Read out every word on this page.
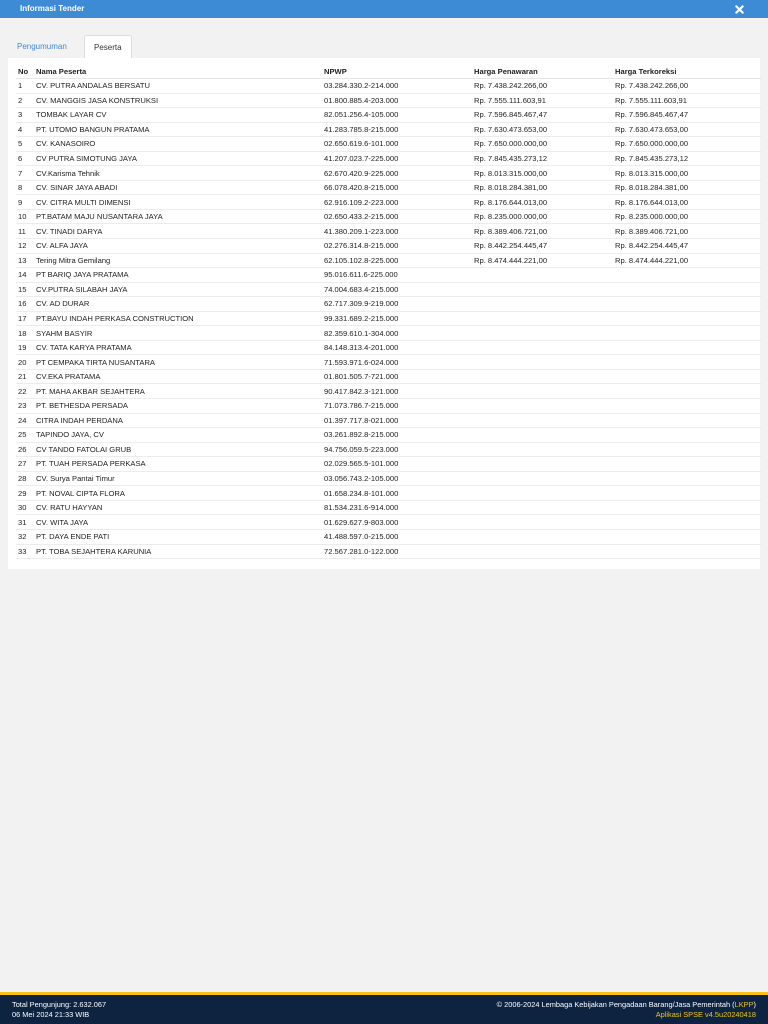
Informasi Tender
Pengumuman	Peserta
No	Nama Peserta	NPWP	Harga Penawaran	Harga Terkoreksi
1	CV. PUTRA ANDALAS BERSATU	03.284.330.2-214.000	Rp. 7.438.242.266,00	Rp. 7.438.242.266,00
2	CV. MANGGIS JASA KONSTRUKSI	01.800.885.4-203.000	Rp. 7.555.111.603,91	Rp. 7.555.111.603,91
3	TOMBAK LAYAR CV	82.051.256.4-105.000	Rp. 7.596.845.467,47	Rp. 7.596.845.467,47
4	PT. UTOMO BANGUN PRATAMA	41.283.785.8-215.000	Rp. 7.630.473.653,00	Rp. 7.630.473.653,00
5	CV. KANASOIRO	02.650.619.6-101.000	Rp. 7.650.000.000,00	Rp. 7.650.000.000,00
6	CV PUTRA SIMOTUNG JAYA	41.207.023.7-225.000	Rp. 7.845.435.273,12	Rp. 7.845.435.273,12
7	CV.Karisma Tehnik	62.670.420.9-225.000	Rp. 8.013.315.000,00	Rp. 8.013.315.000,00
8	CV. SINAR JAYA ABADI	66.078.420.8-215.000	Rp. 8.018.284.381,00	Rp. 8.018.284.381,00
9	CV. CITRA MULTI DIMENSI	62.916.109.2-223.000	Rp. 8.176.644.013,00	Rp. 8.176.644.013,00
10	PT.BATAM MAJU NUSANTARA JAYA	02.650.433.2-215.000	Rp. 8.235.000.000,00	Rp. 8.235.000.000,00
11	CV. TINADI DARYA	41.380.209.1-223.000	Rp. 8.389.406.721,00	Rp. 8.389.406.721,00
12	CV. ALFA JAYA	02.276.314.8-215.000	Rp. 8.442.254.445,47	Rp. 8.442.254.445,47
13	Tering Mitra Gemilang	62.105.102.8-225.000	Rp. 8.474.444.221,00	Rp. 8.474.444.221,00
14	PT BARIQ JAYA PRATAMA	95.016.611.6-225.000		
15	CV.PUTRA SILABAH JAYA	74.004.683.4-215.000		
16	CV. AD DURAR	62.717.309.9-219.000		
17	PT.BAYU INDAH PERKASA CONSTRUCTION	99.331.689.2-215.000		
18	SYAHM BASYIR	82.359.610.1-304.000		
19	CV. TATA KARYA PRATAMA	84.148.313.4-201.000		
20	PT CEMPAKA TIRTA NUSANTARA	71.593.971.6-024.000		
21	CV.EKA PRATAMA	01.801.505.7-721.000		
22	PT. MAHA AKBAR SEJAHTERA	90.417.842.3-121.000		
23	PT. BETHESDA PERSADA	71.073.786.7-215.000		
24	CITRA INDAH PERDANA	01.397.717.8-021.000		
25	TAPINDO JAYA, CV	03.261.892.8-215.000		
26	CV TANDO FATOLAI GRUB	94.756.059.5-223.000		
27	PT. TUAH PERSADA PERKASA	02.029.565.5-101.000		
28	CV. Surya Pantai Timur	03.056.743.2-105.000		
29	PT. NOVAL CIPTA FLORA	01.658.234.8-101.000		
30	CV. RATU HAYYAN	81.534.231.6-914.000		
31	CV. WITA JAYA	01.629.627.9-803.000		
32	PT. DAYA ENDE PATI	41.488.597.0-215.000		
33	PT. TOBA SEJAHTERA KARUNIA	72.567.281.0-122.000		
Total Pengunjung: 2.632.067
06 Mei 2024 21:33 WIB
© 2006-2024 Lembaga Kebijakan Pengadaan Barang/Jasa Pemerintah (LKPP)
Aplikasi SPSE v4.5u20240418
